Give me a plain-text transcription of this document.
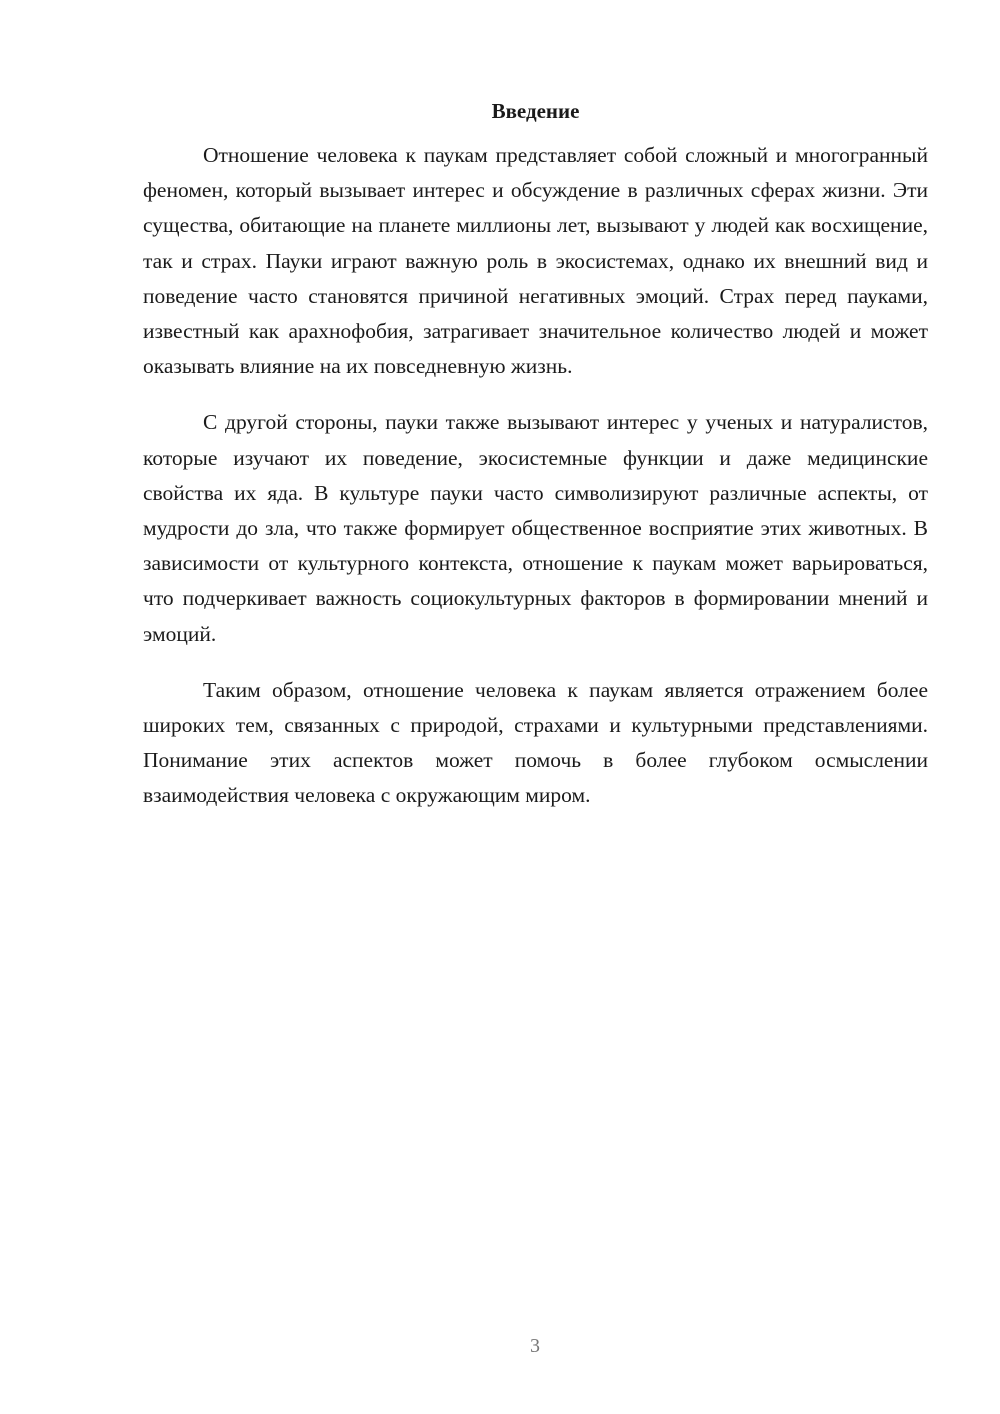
Введение

Отношение человека к паукам представляет собой сложный и многогранный феномен, который вызывает интерес и обсуждение в различных сферах жизни. Эти существа, обитающие на планете миллионы лет, вызывают у людей как восхищение, так и страх. Пауки играют важную роль в экосистемах, однако их внешний вид и поведение часто становятся причиной негативных эмоций. Страх перед пауками, известный как арахнофобия, затрагивает значительное количество людей и может оказывать влияние на их повседневную жизнь.

С другой стороны, пауки также вызывают интерес у ученых и натуралистов, которые изучают их поведение, экосистемные функции и даже медицинские свойства их яда. В культуре пауки часто символизируют различные аспекты, от мудрости до зла, что также формирует общественное восприятие этих животных. В зависимости от культурного контекста, отношение к паукам может варьироваться, что подчеркивает важность социокультурных факторов в формировании мнений и эмоций.

Таким образом, отношение человека к паукам является отражением более широких тем, связанных с природой, страхами и культурными представлениями. Понимание этих аспектов может помочь в более глубоком осмыслении взаимодействия человека с окружающим миром.

3
